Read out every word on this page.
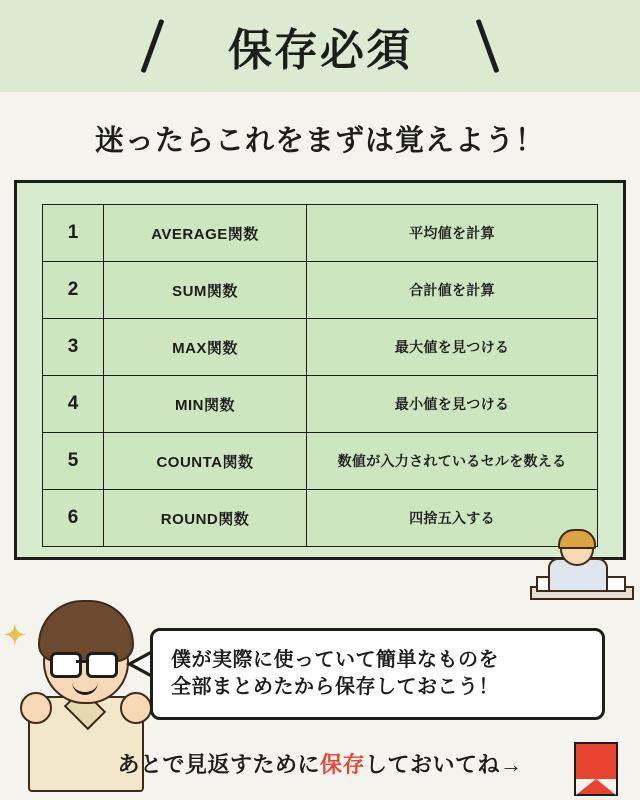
保存必須
迷ったらこれをまずは覚えよう！
1	AVERAGE関数	平均値を計算
2	SUM関数	合計値を計算
3	MAX関数	最大値を見つける
4	MIN関数	最小値を見つける
5	COUNTA関数	数値が入力されているセルを数える
6	ROUND関数	四捨五入する
✦
僕が実際に使っていて簡単なものを
全部まとめたから保存しておこう！
あとで見返すために保存しておいてね→
